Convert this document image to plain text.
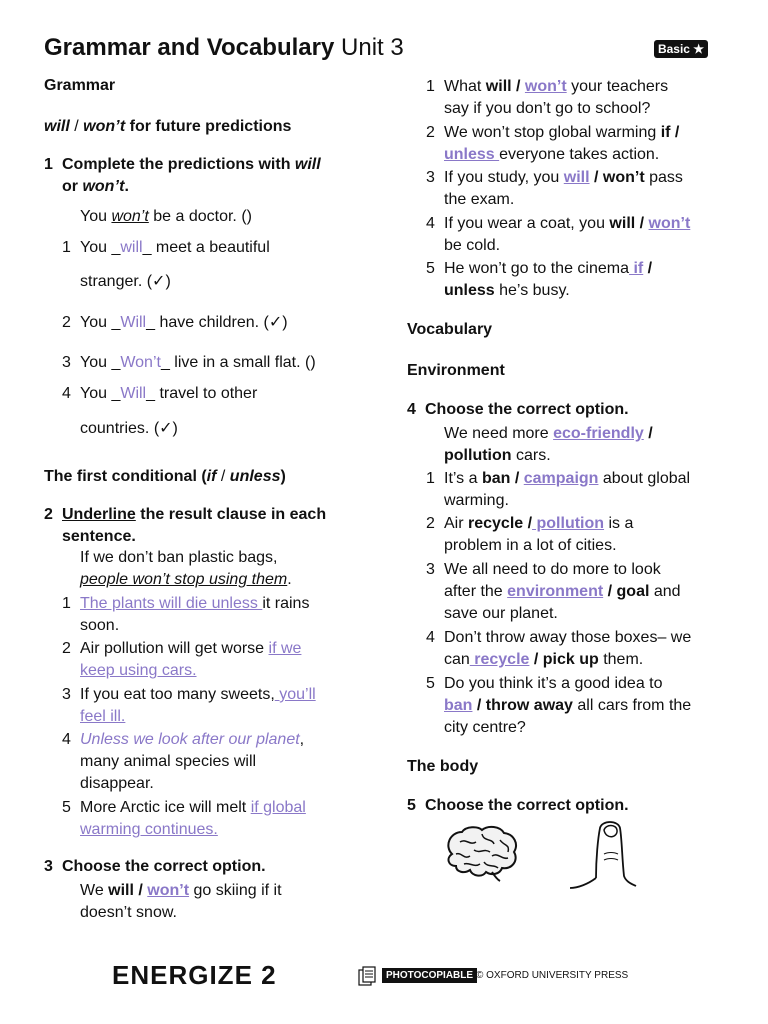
Grammar and Vocabulary Unit 3	Basic ★
Grammar
will / won’t for future predictions
1 Complete the predictions with will
or won’t.
You won’t be a doctor. ()
1 You _will_ meet a beautiful
stranger. (✓)
2 You _Will_ have children. (✓)
3 You _Won’t_ live in a small flat. ()
4 You _Will_ travel to other
countries. (✓)
The first conditional (if / unless)
2 Underline the result clause in each
sentence.
If we don’t ban plastic bags,
people won’t stop using them.
1 The plants will die unless it rains
soon.
2 Air pollution will get worse if we
keep using cars.
3 If you eat too many sweets, you’ll
feel ill.
4 Unless we look after our planet,
many animal species will
disappear.
5 More Arctic ice will melt if global
warming continues.
3 Choose the correct option.
We will / won’t go skiing if it
doesn’t snow.
1 What will / won’t your teachers
say if you don’t go to school?
2 We won’t stop global warming if /
unless everyone takes action.
3 If you study, you will / won’t pass
the exam.
4 If you wear a coat, you will / won’t
be cold.
5 He won’t go to the cinema if /
unless he’s busy.
Vocabulary
Environment
4 Choose the correct option.
We need more eco-friendly /
pollution cars.
1 It’s a ban / campaign about global
warming.
2 Air recycle / pollution is a
problem in a lot of cities.
3 We all need to do more to look
after the environment / goal and
save our planet.
4 Don’t throw away those boxes– we
can recycle / pick up them.
5 Do you think it’s a good idea to
ban / throw away all cars from the
city centre?
The body
5 Choose the correct option.
ENERGIZE 2	PHOTOCOPIABLE © OXFORD UNIVERSITY PRESS
